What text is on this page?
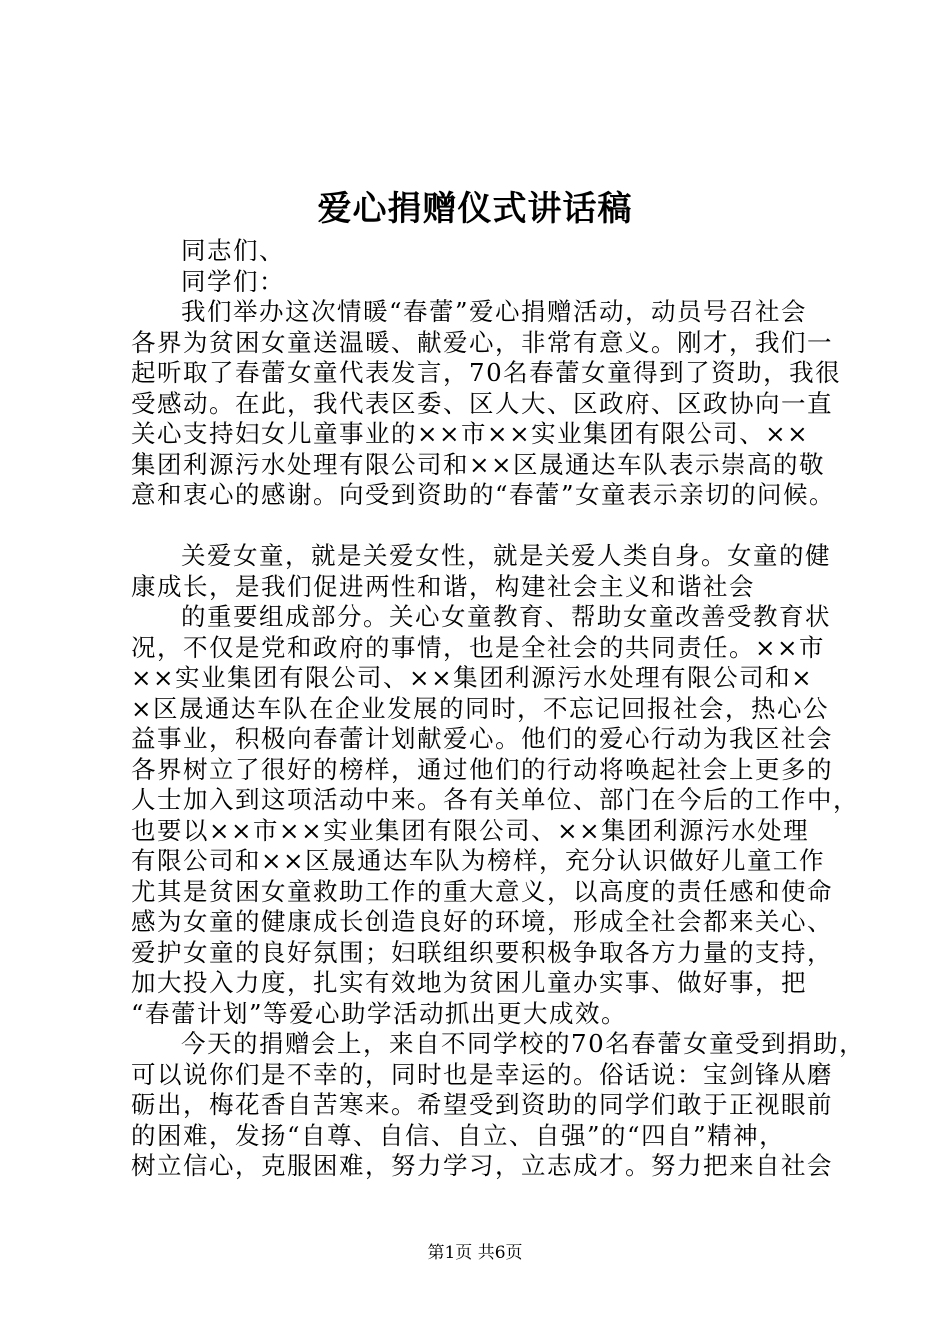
爱心捐赠仪式讲话稿
同志们、
同学们：
我们举办这次情暖“春蕾”爱心捐赠活动，动员号召社会
各界为贫困女童送温暖、献爱心，非常有意义。刚才，我们一
起听取了春蕾女童代表发言，70名春蕾女童得到了资助，我很
受感动。在此，我代表区委、区人大、区政府、区政协向一直
关心支持妇女儿童事业的××市××实业集团有限公司、××
集团利源污水处理有限公司和××区晟通达车队表示崇高的敬
意和衷心的感谢。向受到资助的“春蕾”女童表示亲切的问候。
关爱女童，就是关爱女性，就是关爱人类自身。女童的健
康成长，是我们促进两性和谐，构建社会主义和谐社会
的重要组成部分。关心女童教育、帮助女童改善受教育状
况，不仅是党和政府的事情，也是全社会的共同责任。××市
××实业集团有限公司、××集团利源污水处理有限公司和×
×区晟通达车队在企业发展的同时，不忘记回报社会，热心公
益事业，积极向春蕾计划献爱心。他们的爱心行动为我区社会
各界树立了很好的榜样，通过他们的行动将唤起社会上更多的
人士加入到这项活动中来。各有关单位、部门在今后的工作中，
也要以××市××实业集团有限公司、××集团利源污水处理
有限公司和××区晟通达车队为榜样，充分认识做好儿童工作
尤其是贫困女童救助工作的重大意义，以高度的责任感和使命
感为女童的健康成长创造良好的环境，形成全社会都来关心、
爱护女童的良好氛围；妇联组织要积极争取各方力量的支持，
加大投入力度，扎实有效地为贫困儿童办实事、做好事，把
“春蕾计划”等爱心助学活动抓出更大成效。
今天的捐赠会上，来自不同学校的70名春蕾女童受到捐助，
可以说你们是不幸的，同时也是幸运的。俗话说：宝剑锋从磨
砺出，梅花香自苦寒来。希望受到资助的同学们敢于正视眼前
的困难，发扬“自尊、自信、自立、自强”的“四自”精神，
树立信心，克服困难，努力学习，立志成才。努力把来自社会
第1页 共6页
